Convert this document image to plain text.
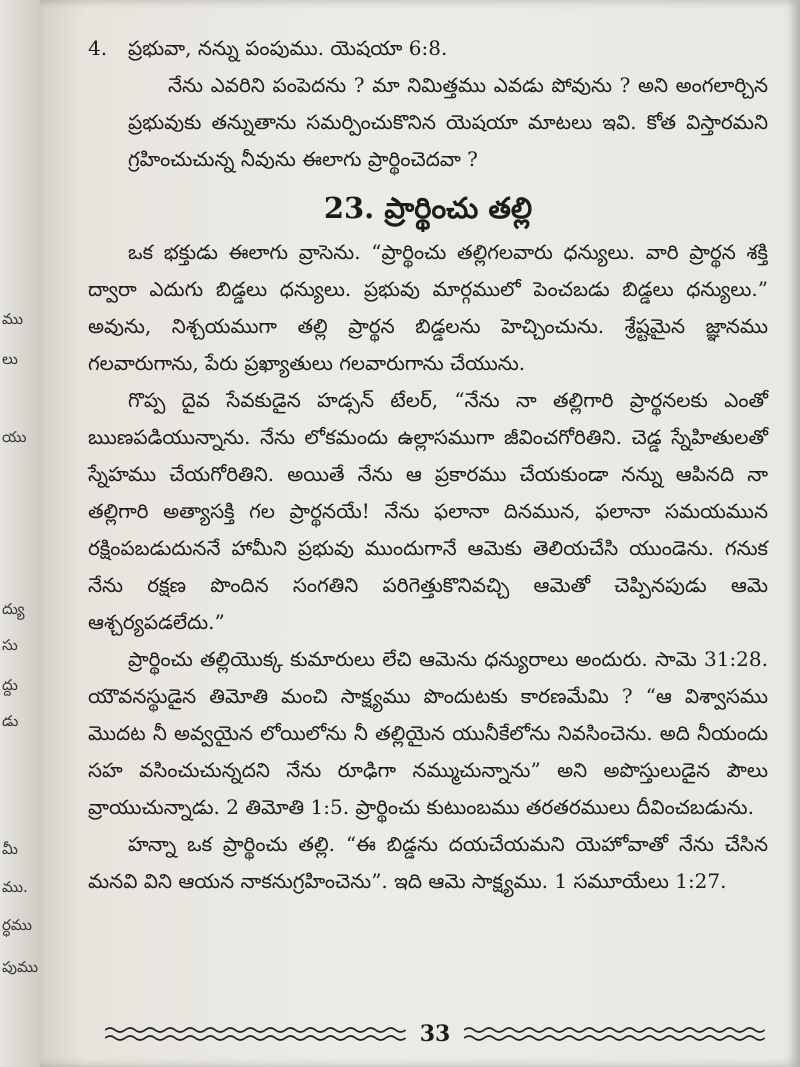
ము
లు
యు
ద్యు
సు
ద్దు
డు
మీ
ము.
ర్ధము
పుము
4. ప్రభువా, నన్ను పంపుము. యెషయా 6:8.

నేను ఎవరిని పంపెదను ? మా నిమిత్తము ఎవడు పోవును ? అని అంగలార్చిన ప్రభువుకు తన్నుతాను సమర్పించుకొనిన యెషయా మాటలు ఇవి. కోత విస్తారమని గ్రహించుచున్న నీవును ఈలాగు ప్రార్థించెదవా ?

23. ప్రార్థించు తల్లి

ఒక భక్తుడు ఈలాగు వ్రాసెను. “ప్రార్థించు తల్లిగలవారు ధన్యులు. వారి ప్రార్థన శక్తి ద్వారా ఎదుగు బిడ్డలు ధన్యులు. ప్రభువు మార్గములో పెంచబడు బిడ్డలు ధన్యులు.” అవును, నిశ్చయముగా తల్లి ప్రార్థన బిడ్డలను హెచ్చించును. శ్రేష్టమైన జ్ఞానము గలవారుగాను, పేరు ప్రఖ్యాతులు గలవారుగాను చేయును.

గొప్ప దైవ సేవకుడైన హడ్సన్ టేలర్, “నేను నా తల్లిగారి ప్రార్థనలకు ఎంతో ఋణపడియున్నాను. నేను లోకమందు ఉల్లాసముగా జీవించగోరితిని. చెడ్డ స్నేహితులతో స్నేహము చేయగోరితిని. అయితే నేను ఆ ప్రకారము చేయకుండా నన్ను ఆపినది నా తల్లిగారి అత్యాసక్తి గల ప్రార్థనయే! నేను ఫలానా దినమున, ఫలానా సమయమున రక్షింపబడుదుననే హామీని ప్రభువు ముందుగానే ఆమెకు తెలియచేసి యుండెను. గనుక నేను రక్షణ పొందిన సంగతిని పరిగెత్తుకొనివచ్చి ఆమెతో చెప్పినపుడు ఆమె ఆశ్చర్యపడలేదు.”

ప్రార్థించు తల్లియొక్క కుమారులు లేచి ఆమెను ధన్యురాలు అందురు. సామె 31:28. యౌవనస్థుడైన తిమోతి మంచి సాక్ష్యము పొందుటకు కారణమేమి ? “ఆ విశ్వాసము మొదట నీ అవ్వయైన లోయిలోను నీ తల్లియైన యునీకేలోను నివసించెను. అది నీయందు సహ వసించుచున్నదని నేను రూఢిగా నమ్ముచున్నాను” అని అపొస్తులుడైన పౌలు వ్రాయుచున్నాడు. 2 తిమోతి 1:5. ప్రార్థించు కుటుంబము తరతరములు దీవించబడును.

హన్నా ఒక ప్రార్థించు తల్లి. “ఈ బిడ్డను దయచేయమని యెహోవాతో నేను చేసిన మనవి విని ఆయన నాకనుగ్రహించెను”. ఇది ఆమె సాక్ష్యము. 1 సమూయేలు 1:27.

33
